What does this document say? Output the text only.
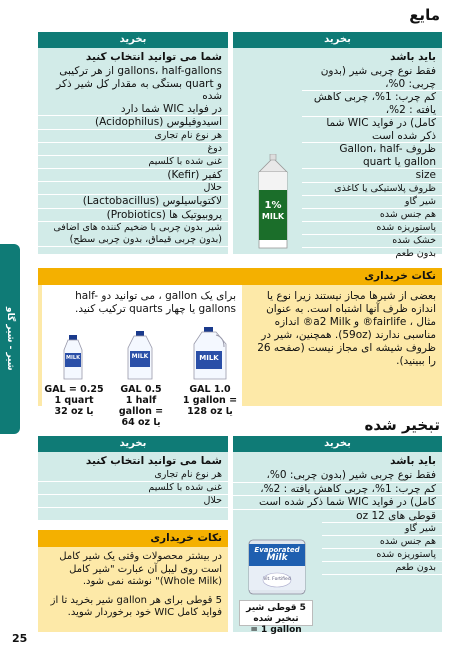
مایع
بخرید
باید باشد
فقط نوع چربی شیر (بدون چربی: 0%،
کم چرب: 1%، چربی کاهش یافته : 2%،
کامل) در فواید WIC شما ذکر شده است
ظروف Gallon، half-gallon یا quart
size
ظروف پلاستیکی یا کاغذی
شیر گاو
هم جنس شده
پاستوریزه شده
خشک شده
بدون طعم
1%
MILK
بخرید
شما می توانید انتخاب کنید
gallons، half-gallons از هر ترکیبی
و quart بستگی به مقدار کل شیر ذکر شده
در فواید WIC شما دارد
اسیدوفیلوس (Acidophilus)
هر نوع نام تجاری
دوغ
غنی شده با کلسیم
کفیر (Kefir)
حلال
لاکتوباسیلوس (Lactobacillus)
پروبیوتیک ها (Probiotics)
شیر بدون چربی با ضخیم کننده های اضافی
(بدون چربی قیماق، بدون چربی سطح)
شیر - شیر گاو
نکات خریداری
بعضی از شیرها مجاز نیستند زیرا نوع یا اندازه ظرف آنها اشتباه است. به عنوان مثال ، fairlife® و a2 Milk® اندازه مناسبی ندارند (59oz). همچنین، شیر در ظروف شیشه ای مجاز نیست (صفحه 26 را ببینید).
برای یک gallon ، می توانید دو half-gallons یا چهار quarts ترکیب کنید.
MILK	MILK	MILK
GAL = 0.25
1 quart
32 oz یا
GAL 0.5
1 half gallon =
64 oz یا
GAL 1.0
1 gallon =
128 oz یا
تبخیر شده
بخرید
باید باشد
فقط نوع چربی شیر (بدون چربی: 0%،
کم چرب: 1%، چربی کاهش یافته : 2%،
کامل) در فواید WIC شما ذکر شده است
قوطی های 12 oz
شیر گاو
هم جنس شده
پاستوریزه شده
بدون طعم
Evaporated
Milk
Vit. Fortified
5 قوطی شیر تبخیر شده
= 1 gallon
بخرید
شما می توانید انتخاب کنید
هر نوع نام تجاری
غنی شده با کلسیم
حلال
نکات خریداری
در بیشتر محصولات وقتی یک شیر کامل است روی لیبل آن عبارت "شیر کامل (Whole Milk)" نوشته نمی شود.
5 قوطی برای هر gallon شیر بخرید تا از فواید کامل WIC خود برخوردار شوید.
25
